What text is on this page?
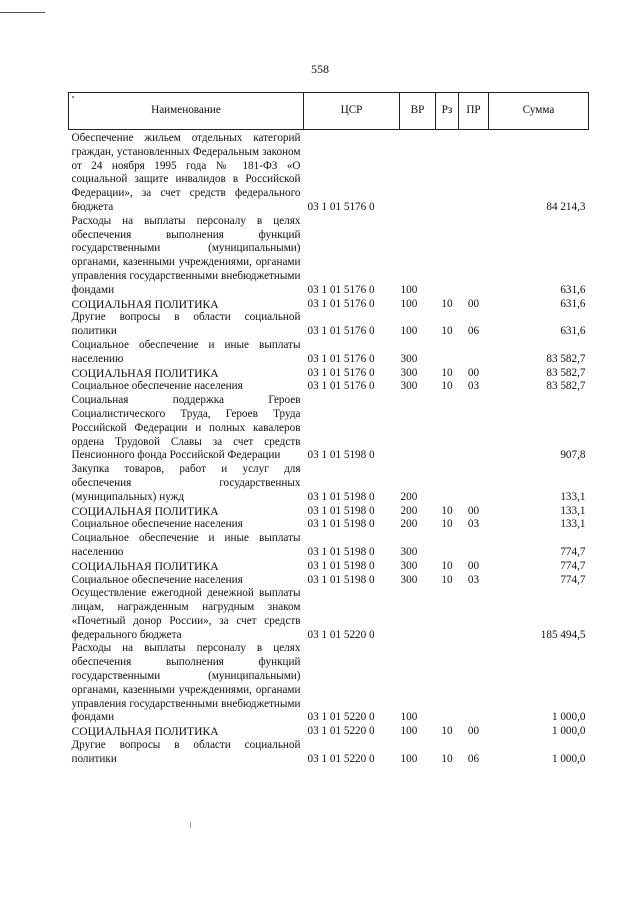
558
Наименование	ЦСР	ВР	Рз	ПР	Сумма
Обеспечение жильем отдельных категорий граждан, установленных Федеральным законом от 24 ноября 1995 года № 181-ФЗ «О социальной защите инвалидов в Российской Федерации», за счет средств федерального бюджета	03 1 01 5176 0				84 214,3
Расходы на выплаты персоналу в целях обеспечения выполнения функций государственными (муниципальными) органами, казенными учреждениями, органами управления государственными внебюджетными фондами	03 1 01 5176 0	100			631,6
СОЦИАЛЬНАЯ ПОЛИТИКА	03 1 01 5176 0	100	10	00	631,6
Другие вопросы в области социальной политики	03 1 01 5176 0	100	10	06	631,6
Социальное обеспечение и иные выплаты населению	03 1 01 5176 0	300			83 582,7
СОЦИАЛЬНАЯ ПОЛИТИКА	03 1 01 5176 0	300	10	00	83 582,7
Социальное обеспечение населения	03 1 01 5176 0	300	10	03	83 582,7
Социальная поддержка Героев Социалистического Труда, Героев Труда Российской Федерации и полных кавалеров ордена Трудовой Славы за счет средств Пенсионного фонда Российской Федерации	03 1 01 5198 0				907,8
Закупка товаров, работ и услуг для обеспечения государственных (муниципальных) нужд	03 1 01 5198 0	200			133,1
СОЦИАЛЬНАЯ ПОЛИТИКА	03 1 01 5198 0	200	10	00	133,1
Социальное обеспечение населения	03 1 01 5198 0	200	10	03	133,1
Социальное обеспечение и иные выплаты населению	03 1 01 5198 0	300			774,7
СОЦИАЛЬНАЯ ПОЛИТИКА	03 1 01 5198 0	300	10	00	774,7
Социальное обеспечение населения	03 1 01 5198 0	300	10	03	774,7
Осуществление ежегодной денежной выплаты лицам, награжденным нагрудным знаком «Почетный донор России», за счет средств федерального бюджета	03 1 01 5220 0				185 494,5
Расходы на выплаты персоналу в целях обеспечения выполнения функций государственными (муниципальными) органами, казенными учреждениями, органами управления государственными внебюджетными фондами	03 1 01 5220 0	100			1 000,0
СОЦИАЛЬНАЯ ПОЛИТИКА	03 1 01 5220 0	100	10	00	1 000,0
Другие вопросы в области социальной политики	03 1 01 5220 0	100	10	06	1 000,0
